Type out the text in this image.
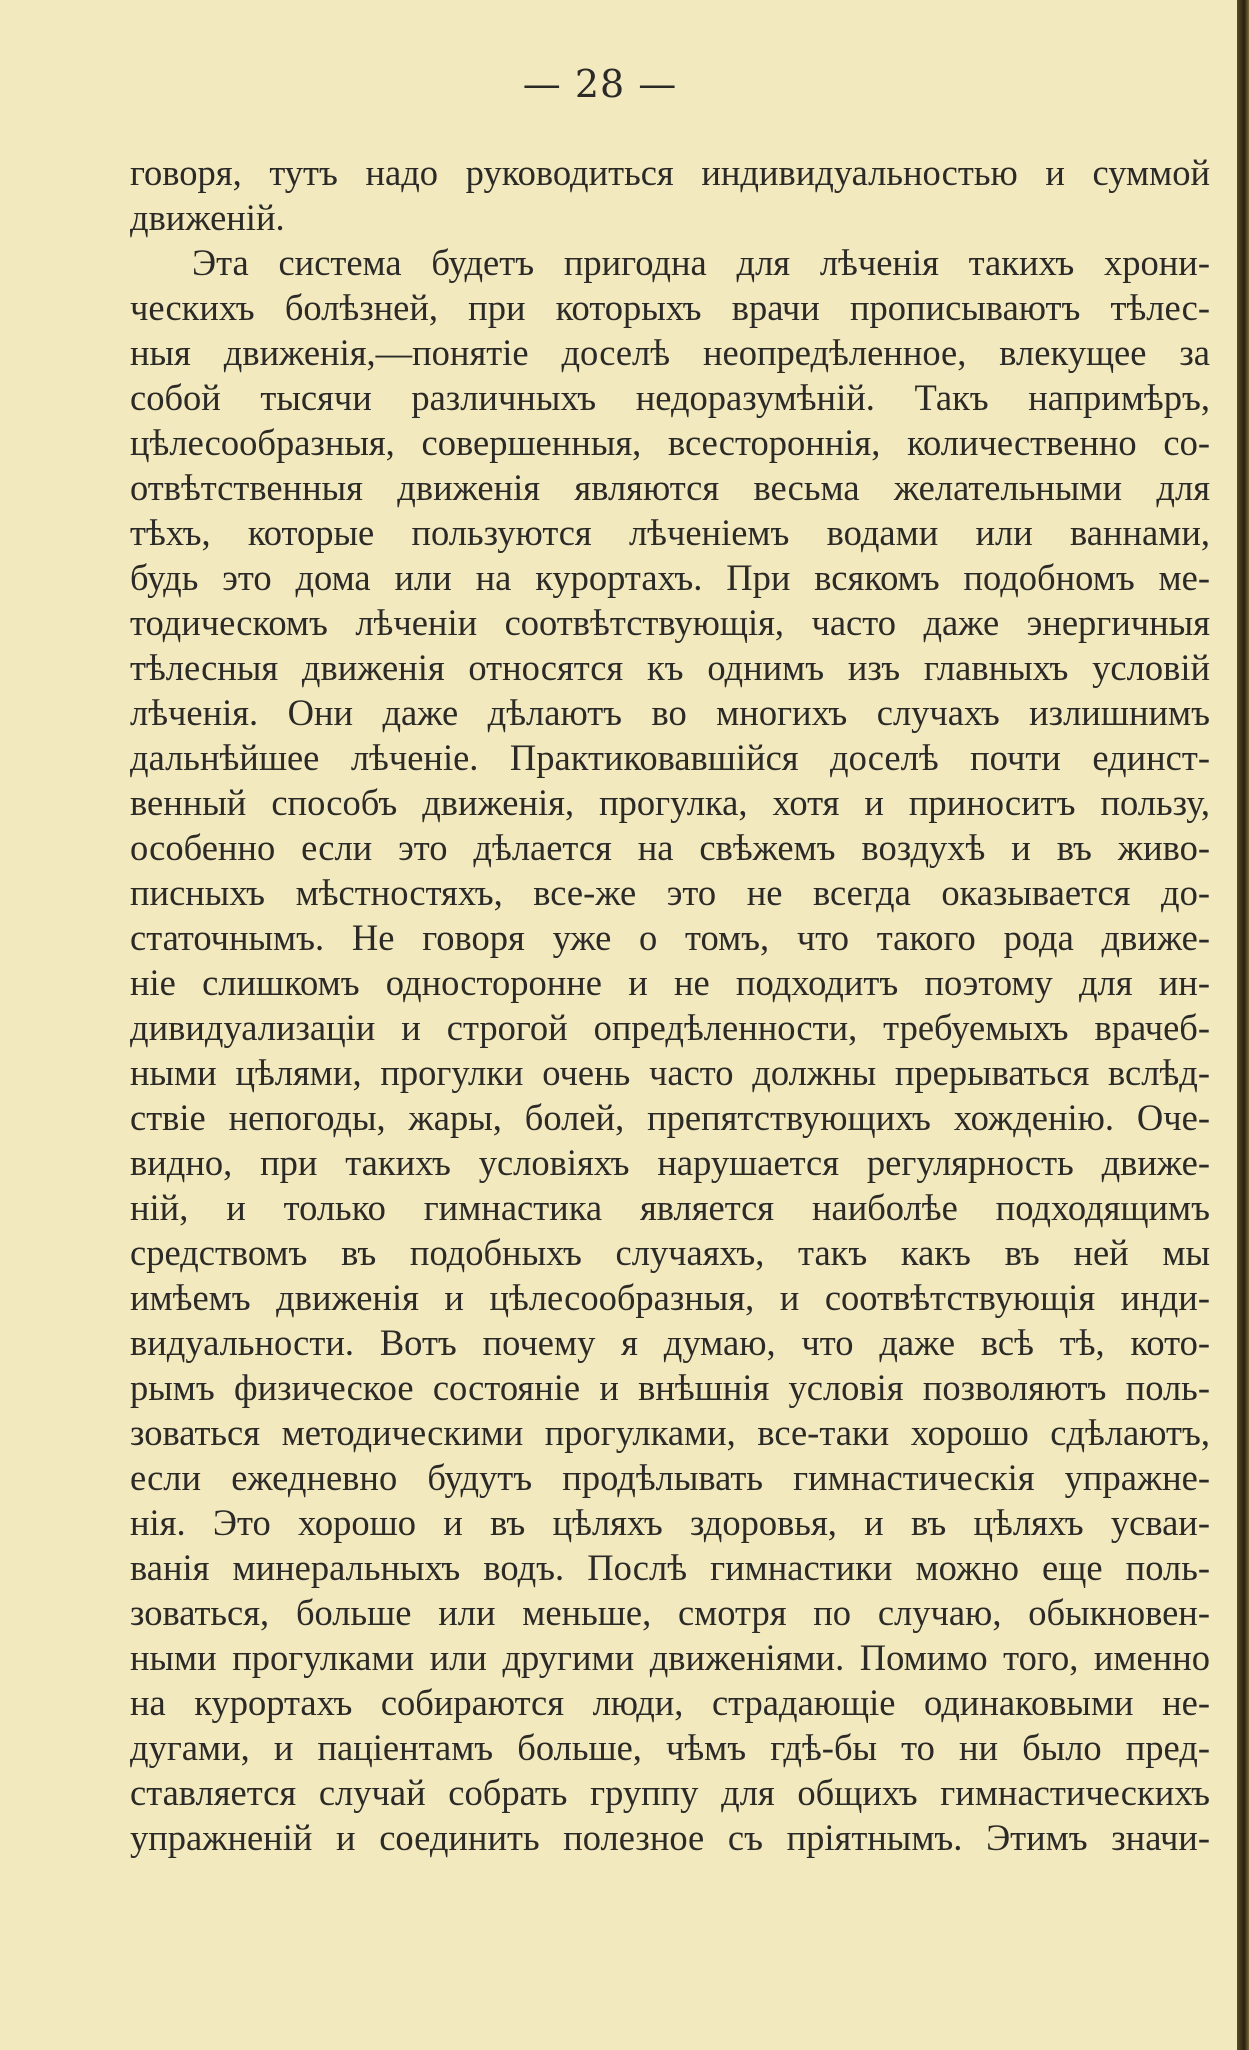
— 28 —
говоря, тутъ надо руководиться индивидуальностью и суммой
движеній.
Эта система будетъ пригодна для лѣченія такихъ хрони-
ческихъ болѣзней, при которыхъ врачи прописываютъ тѣлес-
ныя движенія,—понятіе доселѣ неопредѣленное, влекущее за
собой тысячи различныхъ недоразумѣній. Такъ напримѣръ,
цѣлесообразныя, совершенныя, всестороннія, количественно со-
отвѣтственныя движенія являются весьма желательными для
тѣхъ, которые пользуются лѣченіемъ водами или ваннами,
будь это дома или на курортахъ. При всякомъ подобномъ ме-
тодическомъ лѣченіи соотвѣтствующія, часто даже энергичныя
тѣлесныя движенія относятся къ однимъ изъ главныхъ условій
лѣченія. Они даже дѣлаютъ во многихъ случахъ излишнимъ
дальнѣйшее лѣченіе. Практиковавшійся доселѣ почти единст-
венный способъ движенія, прогулка, хотя и приноситъ пользу,
особенно если это дѣлается на свѣжемъ воздухѣ и въ живо-
писныхъ мѣстностяхъ, все-же это не всегда оказывается до-
статочнымъ. Не говоря уже о томъ, что такого рода движе-
ніе слишкомъ односторонне и не подходитъ поэтому для ин-
дивидуализаціи и строгой опредѣленности, требуемыхъ врачеб-
ными цѣлями, прогулки очень часто должны прерываться вслѣд-
ствіе непогоды, жары, болей, препятствующихъ хожденію. Оче-
видно, при такихъ условіяхъ нарушается регулярность движе-
ній, и только гимнастика является наиболѣе подходящимъ
средствомъ въ подобныхъ случаяхъ, такъ какъ въ ней мы
имѣемъ движенія и цѣлесообразныя, и соотвѣтствующія инди-
видуальности. Вотъ почему я думаю, что даже всѣ тѣ, кото-
рымъ физическое состояніе и внѣшнія условія позволяютъ поль-
зоваться методическими прогулками, все-таки хорошо сдѣлаютъ,
если ежедневно будутъ продѣлывать гимнастическія упражне-
нія. Это хорошо и въ цѣляхъ здоровья, и въ цѣляхъ усваи-
ванія минеральныхъ водъ. Послѣ гимнастики можно еще поль-
зоваться, больше или меньше, смотря по случаю, обыкновен-
ными прогулками или другими движеніями. Помимо того, именно
на курортахъ собираются люди, страдающіе одинаковыми не-
дугами, и паціентамъ больше, чѣмъ гдѣ-бы то ни было пред-
ставляется случай собрать группу для общихъ гимнастическихъ
упражненій и соединить полезное съ пріятнымъ. Этимъ значи-
